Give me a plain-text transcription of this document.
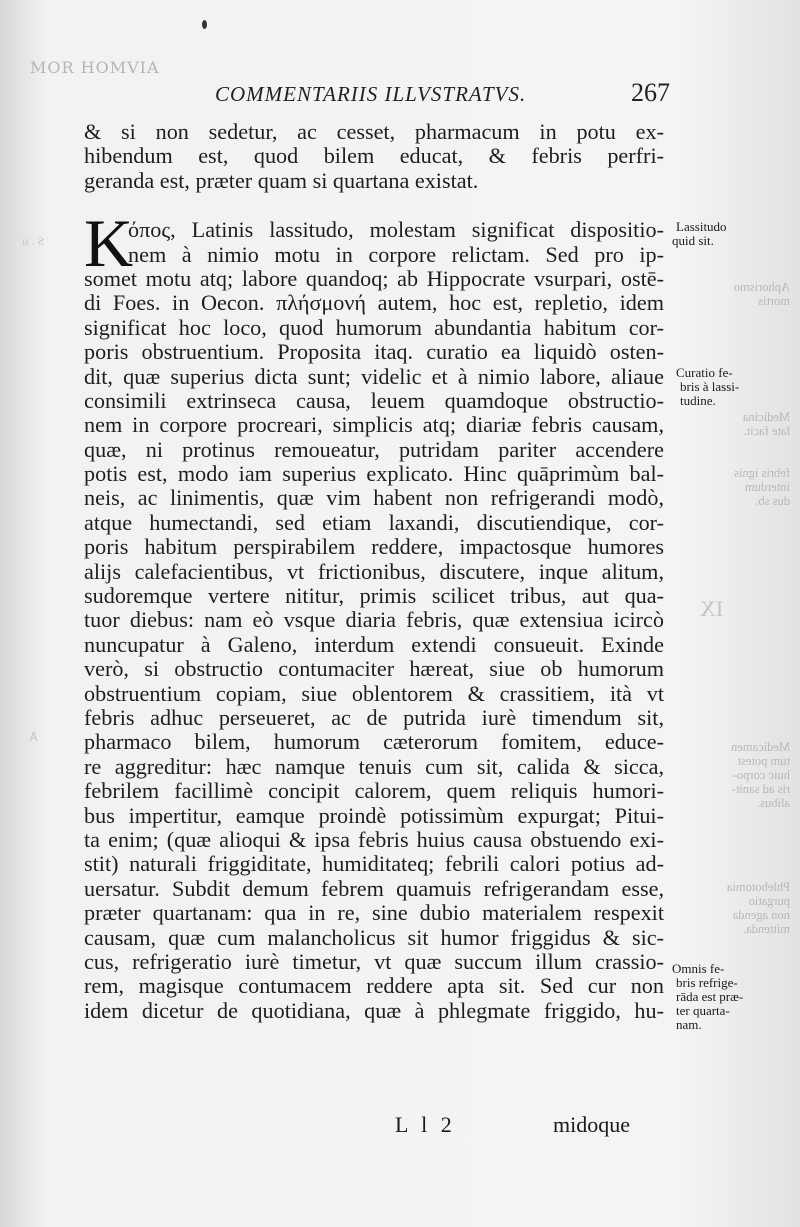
MOR HOMVIA
COMMENTARIIS ILLVSTRATVS.	267
& si non sedetur, ac cesset, pharmacum in potu ex-
hibendum est, quod bilem educat, & febris perfri-
geranda est, præter quam si quartana existat.
K
όπος, Latinis lassitudo, molestam significat dispositio-
nem à nimio motu in corpore relictam. Sed pro ip-
somet motu atq; labore quandoq; ab Hippocrate vsurpari, ostē-
di Foes. in Oecon. πλήσμονή autem, hoc est, repletio, idem
significat hoc loco, quod humorum abundantia habitum cor-
poris obstruentium. Proposita itaq. curatio ea liquidò osten-
dit, quæ superius dicta sunt; videlic et à nimio labore, aliaue
consimili extrinseca causa, leuem quamdoque obstructio-
nem in corpore procreari, simplicis atq; diariæ febris causam,
quæ, ni protinus remoueatur, putridam pariter accendere
potis est, modo iam superius explicato. Hinc quāprimùm bal-
neis, ac linimentis, quæ vim habent non refrigerandi modò,
atque humectandi, sed etiam laxandi, discutiendique, cor-
poris habitum perspirabilem reddere, impactosque humores
alijs calefacientibus, vt frictionibus, discutere, inque alitum,
sudoremque vertere nititur, primis scilicet tribus, aut qua-
tuor diebus: nam eò vsque diaria febris, quæ extensiua icircò
nuncupatur à Galeno, interdum extendi consueuit. Exinde
verò, si obstructio contumaciter hæreat, siue ob humorum
obstruentium copiam, siue oblentorem & crassitiem, ità vt
febris adhuc perseueret, ac de putrida iurè timendum sit,
pharmaco bilem, humorum cæterorum fomitem, educe-
re aggreditur: hæc namque tenuis cum sit, calida & sicca,
febrilem facillimè concipit calorem, quem reliquis humori-
bus impertitur, eamque proindè potissimùm expurgat; Pitui-
ta enim; (quæ alioqui & ipsa febris huius causa obstuendo exi-
stit) naturali friggiditate, humiditateq; febrili calori potius ad-
uersatur. Subdit demum febrem quamuis refrigerandam esse,
præter quartanam: qua in re, sine dubio materialem respexit
causam, quæ cum malancholicus sit humor friggidus & sic-
cus, refrigeratio iurè timetur, vt quæ succum illum crassio-
rem, magisque contumacem reddere apta sit. Sed cur non
idem dicetur de quotidiana, quæ à phlegmate friggido, hu-
Lassitudo
quid sit.
Curatio fe-
bris à lassi-
tudine.
Omnis fe-
bris refrige-
rāda est præ-
ter quarta-
nam.
Aphorismo
mortis
Medicina
late facit.
febris ignis
interdum
dus sb.
IX
Medicamen
tum potest
huic corpo-
ris ad sanit-
alibus.
Phlebotomia
purgatio
non agenda
mittenda.
ɪɪ . Ƨ
Ꭺ
L l 2	midoque
